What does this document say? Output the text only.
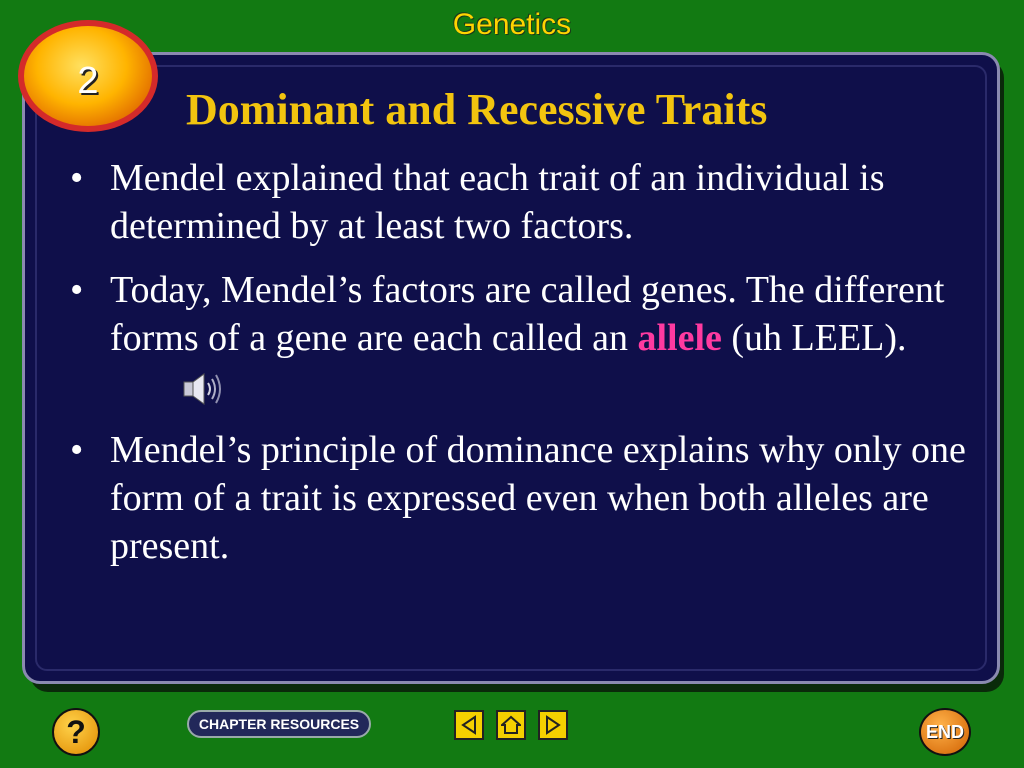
Genetics
2
Dominant and Recessive Traits
• Mendel explained that each trait of an individual is determined by at least two factors.
• Today, Mendel’s factors are called genes. The different forms of a gene are each called an allele (uh LEEL).
• Mendel’s principle of dominance explains why only one form of a trait is expressed even when both alleles are present.
?	CHAPTER RESOURCES	END
